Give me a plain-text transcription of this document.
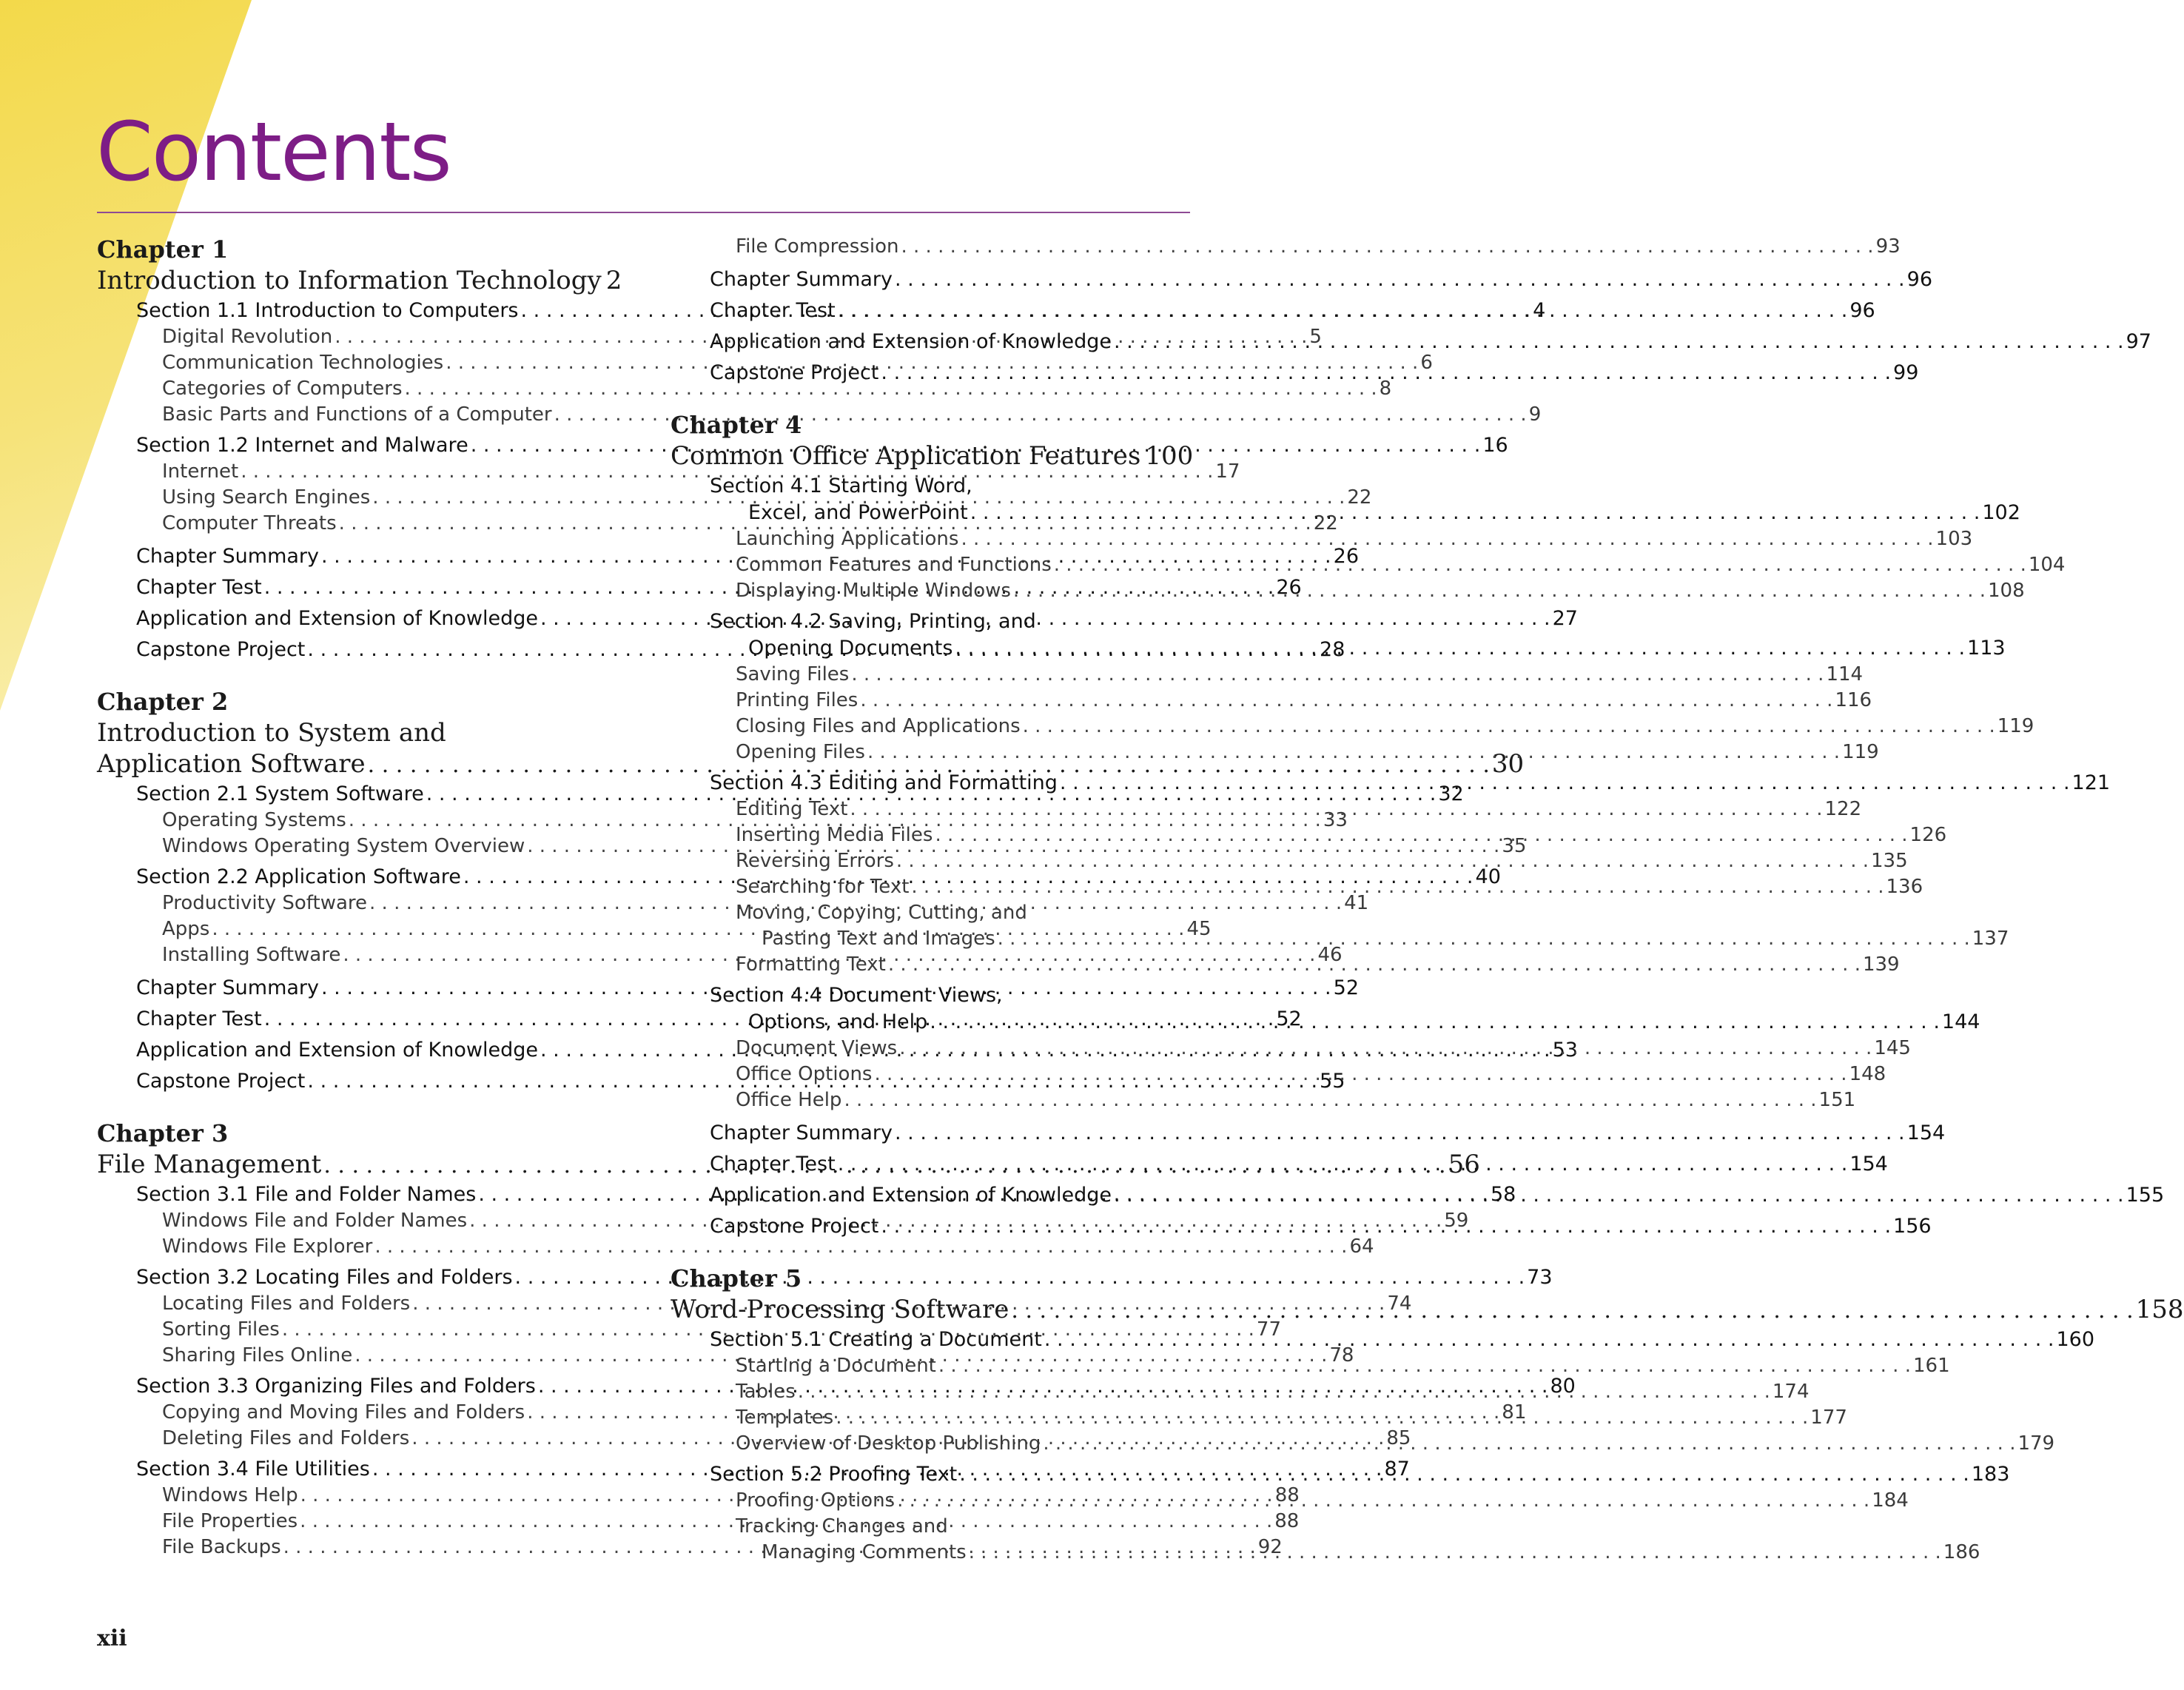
Contents
Chapter 1
Introduction to Information Technology 2
Section 1.1 Introduction to Computers . . .	4
Digital Revolution . . .	5
Communication Technologies . . .	6
Categories of Computers . . .	8
Basic Parts and Functions of a Computer . . .	9
Section 1.2 Internet and Malware . . .	16
Internet . . .	17
Using Search Engines . . .	22
Computer Threats . . .	22
Chapter Summary . . .	26
Chapter Test . . .	26
Application and Extension of Knowledge . . .	27
Capstone Project . . .	28
Chapter 2
Introduction to System and
Application Software . . .	30
Section 2.1 System Software . . .	32
Operating Systems . . .	33
Windows Operating System Overview . . .	35
Section 2.2 Application Software . . .	40
Productivity Software . . .	41
Apps . . .	45
Installing Software . . .	46
Chapter Summary . . .	52
Chapter Test . . .	52
Application and Extension of Knowledge . . .	53
Capstone Project . . .	55
Chapter 3
File Management . . .	56
Section 3.1 File and Folder Names . . .	58
Windows File and Folder Names . . .	59
Windows File Explorer . . .	64
Section 3.2 Locating Files and Folders . . .	73
Locating Files and Folders . . .	74
Sorting Files . . .	77
Sharing Files Online . . .	78
Section 3.3 Organizing Files and Folders . . .	80
Copying and Moving Files and Folders . . .	81
Deleting Files and Folders . . .	85
Section 3.4 File Utilities . . .	87
Windows Help . . .	88
File Properties . . .	88
File Backups . . .	92
File Compression . . .	93
Chapter Summary . . .	96
Chapter Test . . .	96
Application and Extension of Knowledge . . .	97
Capstone Project . . .	99
Chapter 4
Common Office Application Features 100
Section 4.1 Starting Word,
Excel, and PowerPoint . . .	102
Launching Applications . . .	103
Common Features and Functions . . .	104
Displaying Multiple Windows . . .	108
Section 4.2 Saving, Printing, and
Opening Documents . . .	113
Saving Files . . .	114
Printing Files . . .	116
Closing Files and Applications . . .	119
Opening Files . . .	119
Section 4.3 Editing and Formatting . . .	121
Editing Text . . .	122
Inserting Media Files . . .	126
Reversing Errors . . .	135
Searching for Text . . .	136
Moving, Copying, Cutting, and
Pasting Text and Images . . .	137
Formatting Text . . .	139
Section 4.4 Document Views,
Options, and Help . . .	144
Document Views . . .	145
Office Options . . .	148
Office Help . . .	151
Chapter Summary . . .	154
Chapter Test . . .	154
Application and Extension of Knowledge . . .	155
Capstone Project . . .	156
Chapter 5
Word-Processing Software . . .	158
Section 5.1 Creating a Document . . .	160
Starting a Document . . .	161
Tables . . .	174
Templates . . .	177
Overview of Desktop Publishing . . .	179
Section 5.2 Proofing Text . . .	183
Proofing Options . . .	184
Tracking Changes and
Managing Comments . . .	186
xii
